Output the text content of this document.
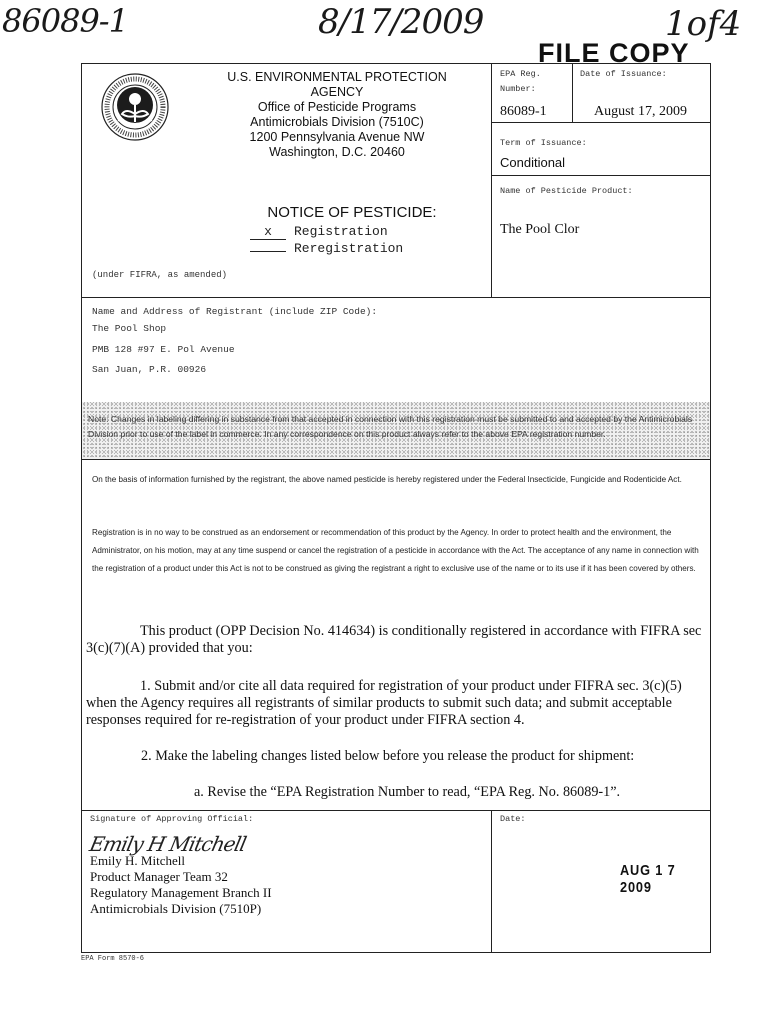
86089-1	8/17/2009	1of4
FILE COPY
U.S. ENVIRONMENTAL PROTECTION
AGENCY
Office of Pesticide Programs
Antimicrobials Division (7510C)
1200 Pennsylvania Avenue NW
Washington, D.C. 20460
NOTICE OF PESTICIDE:
x Registration
Reregistration
(under FIFRA, as amended)
EPA Reg.
Number:
86089-1
Date of Issuance:
August 17, 2009
Term of Issuance:
Conditional
Name of Pesticide Product:
The Pool Clor
Name and Address of Registrant (include ZIP Code):
The Pool Shop
PMB 128 #97 E. Pol Avenue
San Juan, P.R. 00926
Note: Changes in labeling differing in substance from that accepted in connection with this registration must be submitted to and accepted by the Antimicrobials Division prior to use of the label in commerce. In any correspondence on this product always refer to the above EPA registration number.
On the basis of information furnished by the registrant, the above named pesticide is hereby registered under the Federal Insecticide, Fungicide and Rodenticide Act.
Registration is in no way to be construed as an endorsement or recommendation of this product by the Agency. In order to protect health and the environment, the Administrator, on his motion, may at any time suspend or cancel the registration of a pesticide in accordance with the Act. The acceptance of any name in connection with the registration of a product under this Act is not to be construed as giving the registrant a right to exclusive use of the name or to its use if it has been covered by others.
This product (OPP Decision No. 414634) is conditionally registered in accordance with FIFRA sec 3(c)(7)(A) provided that you:
1. Submit and/or cite all data required for registration of your product under FIFRA sec. 3(c)(5) when the Agency requires all registrants of similar products to submit such data; and submit acceptable responses required for re-registration of your product under FIFRA section 4.
2. Make the labeling changes listed below before you release the product for shipment:
a. Revise the “EPA Registration Number to read, “EPA Reg. No. 86089-1”.
Signature of Approving Official:
Emily H Mitchell
Emily H. Mitchell
Product Manager Team 32
Regulatory Management Branch II
Antimicrobials Division (7510P)
Date:
AUG 1 7 2009
EPA Form 8570-6
